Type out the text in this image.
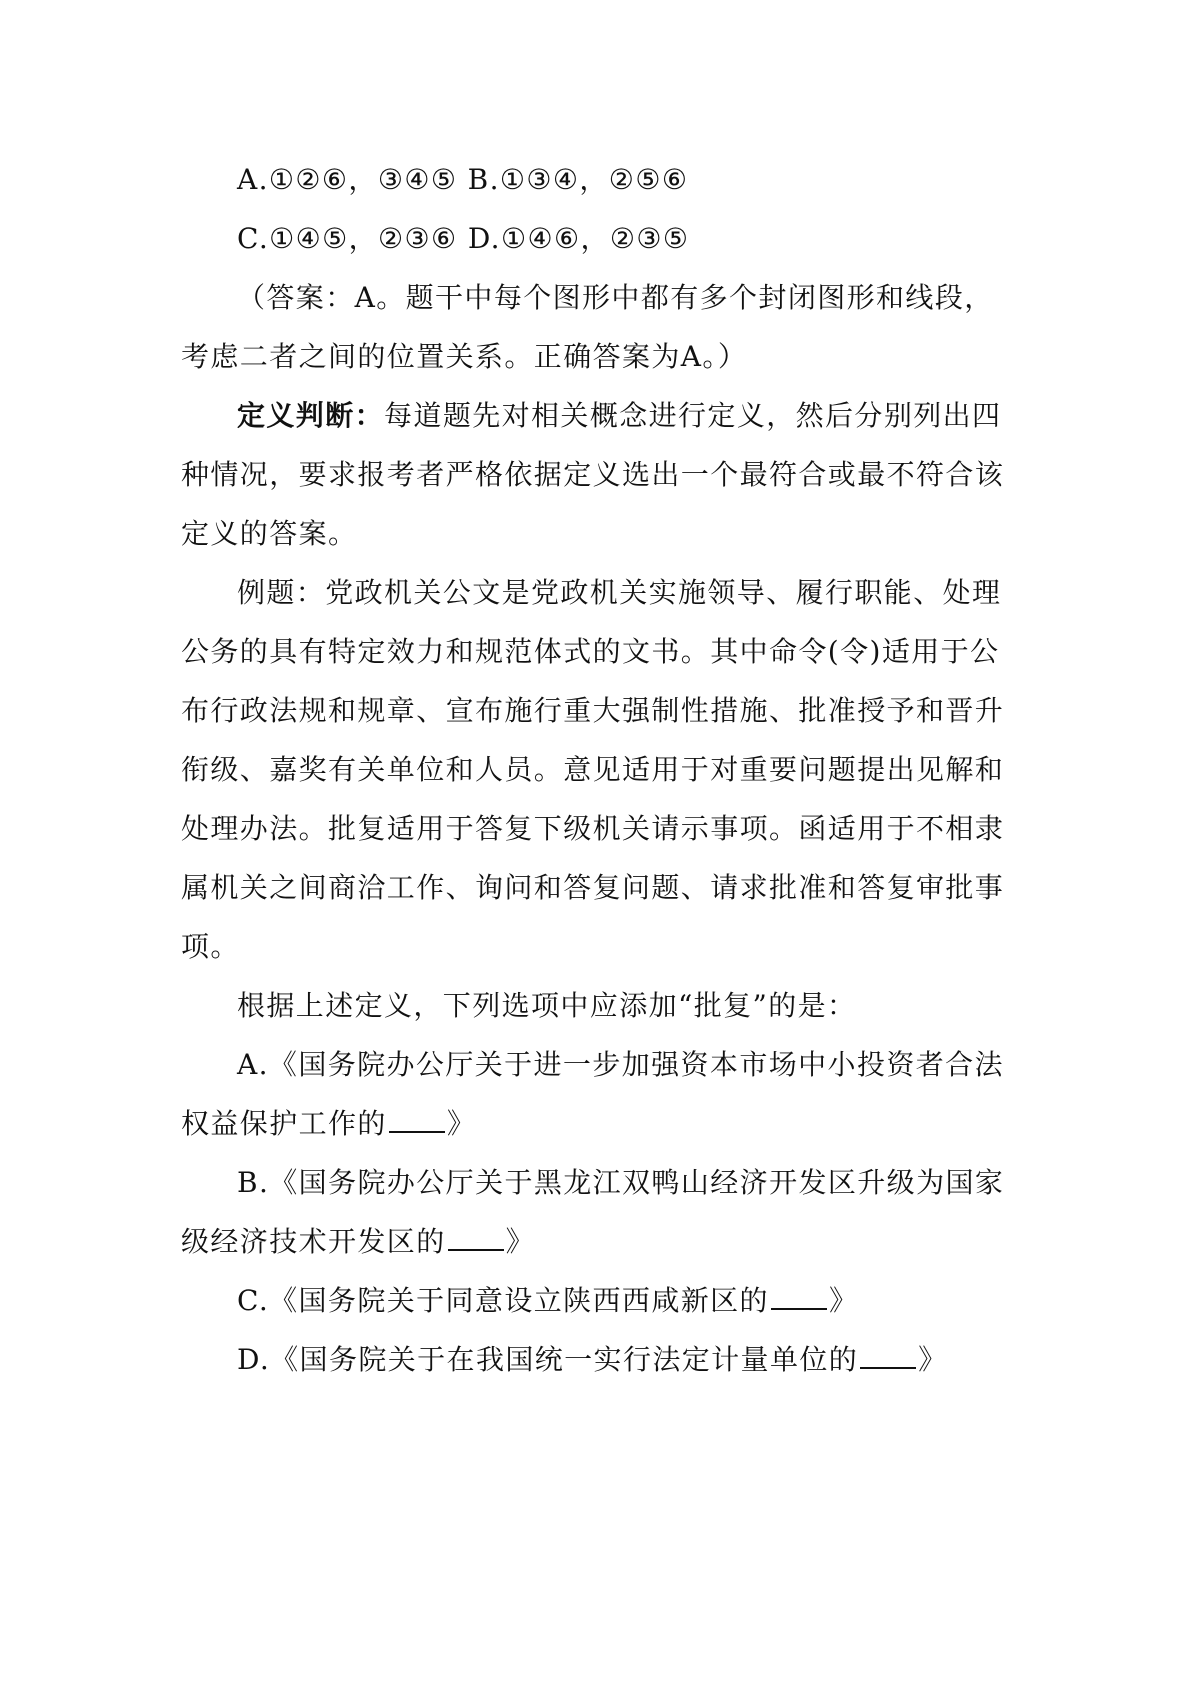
A.①②⑥，③④⑤ B.①③④，②⑤⑥

C.①④⑤，②③⑥ D.①④⑥，②③⑤

（答案：A。题干中每个图形中都有多个封闭图形和线段，考虑二者之间的位置关系。正确答案为A。）

定义判断：每道题先对相关概念进行定义，然后分别列出四种情况，要求报考者严格依据定义选出一个最符合或最不符合该定义的答案。

例题：党政机关公文是党政机关实施领导、履行职能、处理公务的具有特定效力和规范体式的文书。其中命令(令)适用于公布行政法规和规章、宣布施行重大强制性措施、批准授予和晋升衔级、嘉奖有关单位和人员。意见适用于对重要问题提出见解和处理办法。批复适用于答复下级机关请示事项。函适用于不相隶属机关之间商洽工作、询问和答复问题、请求批准和答复审批事项。

根据上述定义，下列选项中应添加“批复”的是：

A.《国务院办公厅关于进一步加强资本市场中小投资者合法权益保护工作的 》

B.《国务院办公厅关于黑龙江双鸭山经济开发区升级为国家级经济技术开发区的 》

C.《国务院关于同意设立陕西西咸新区的 》

D.《国务院关于在我国统一实行法定计量单位的 》
